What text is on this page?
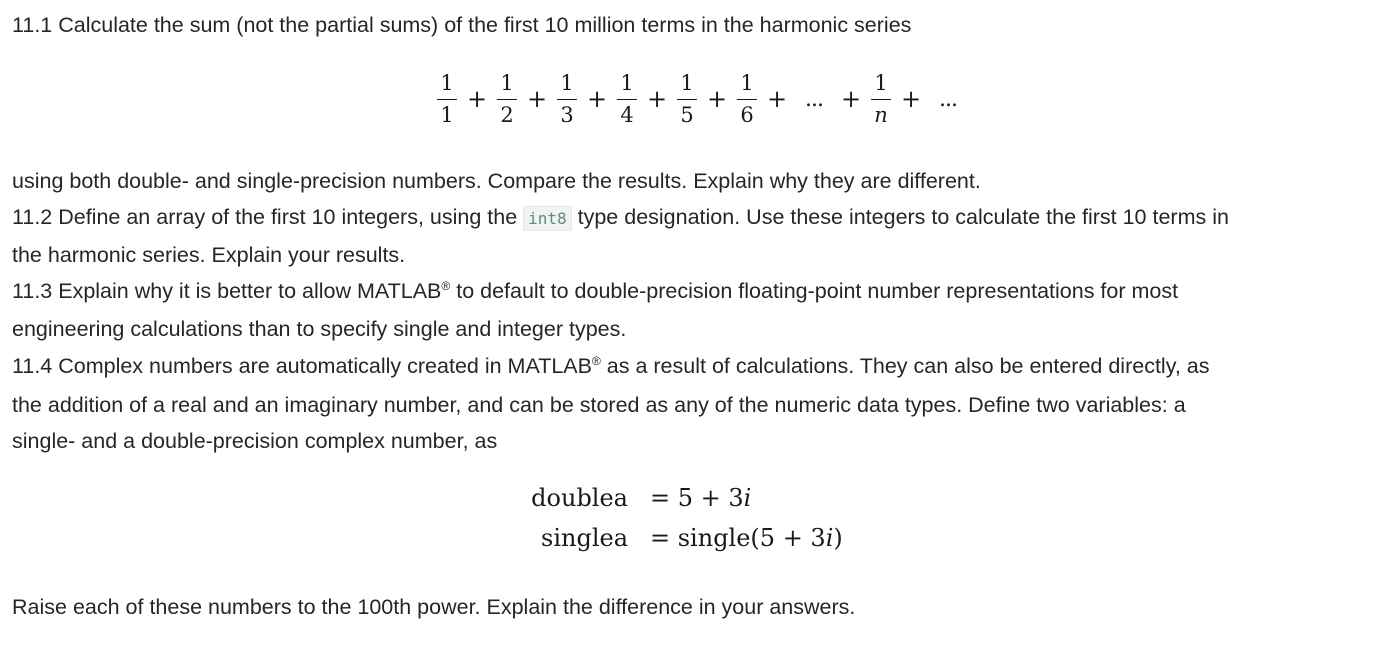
11.1 Calculate the sum (not the partial sums) of the first 10 million terms in the harmonic series

$\frac{1}{1} + \frac{1}{2} + \frac{1}{3} + \frac{1}{4} + \frac{1}{5} + \frac{1}{6}$ + ... + $\frac{1}{n}$ + ...

using both double- and single-precision numbers. Compare the results. Explain why they are different.

11.2 Define an array of the first 10 integers, using the int8 type designation. Use these integers to calculate the first 10 terms in

the harmonic series. Explain your results.

11.3 Explain why it is better to allow MATLAB® to default to double-precision floating-point number representations for most

engineering calculations than to specify single and integer types.

11.4 Complex numbers are automatically created in MATLAB® as a result of calculations. They can also be entered directly, as

the addition of a real and an imaginary number, and can be stored as any of the numeric data types. Define two variables: a

single- and a double-precision complex number, as

doublea = 5 + 3i
singlea = single(5 + 3i)

Raise each of these numbers to the 100th power. Explain the difference in your answers.
